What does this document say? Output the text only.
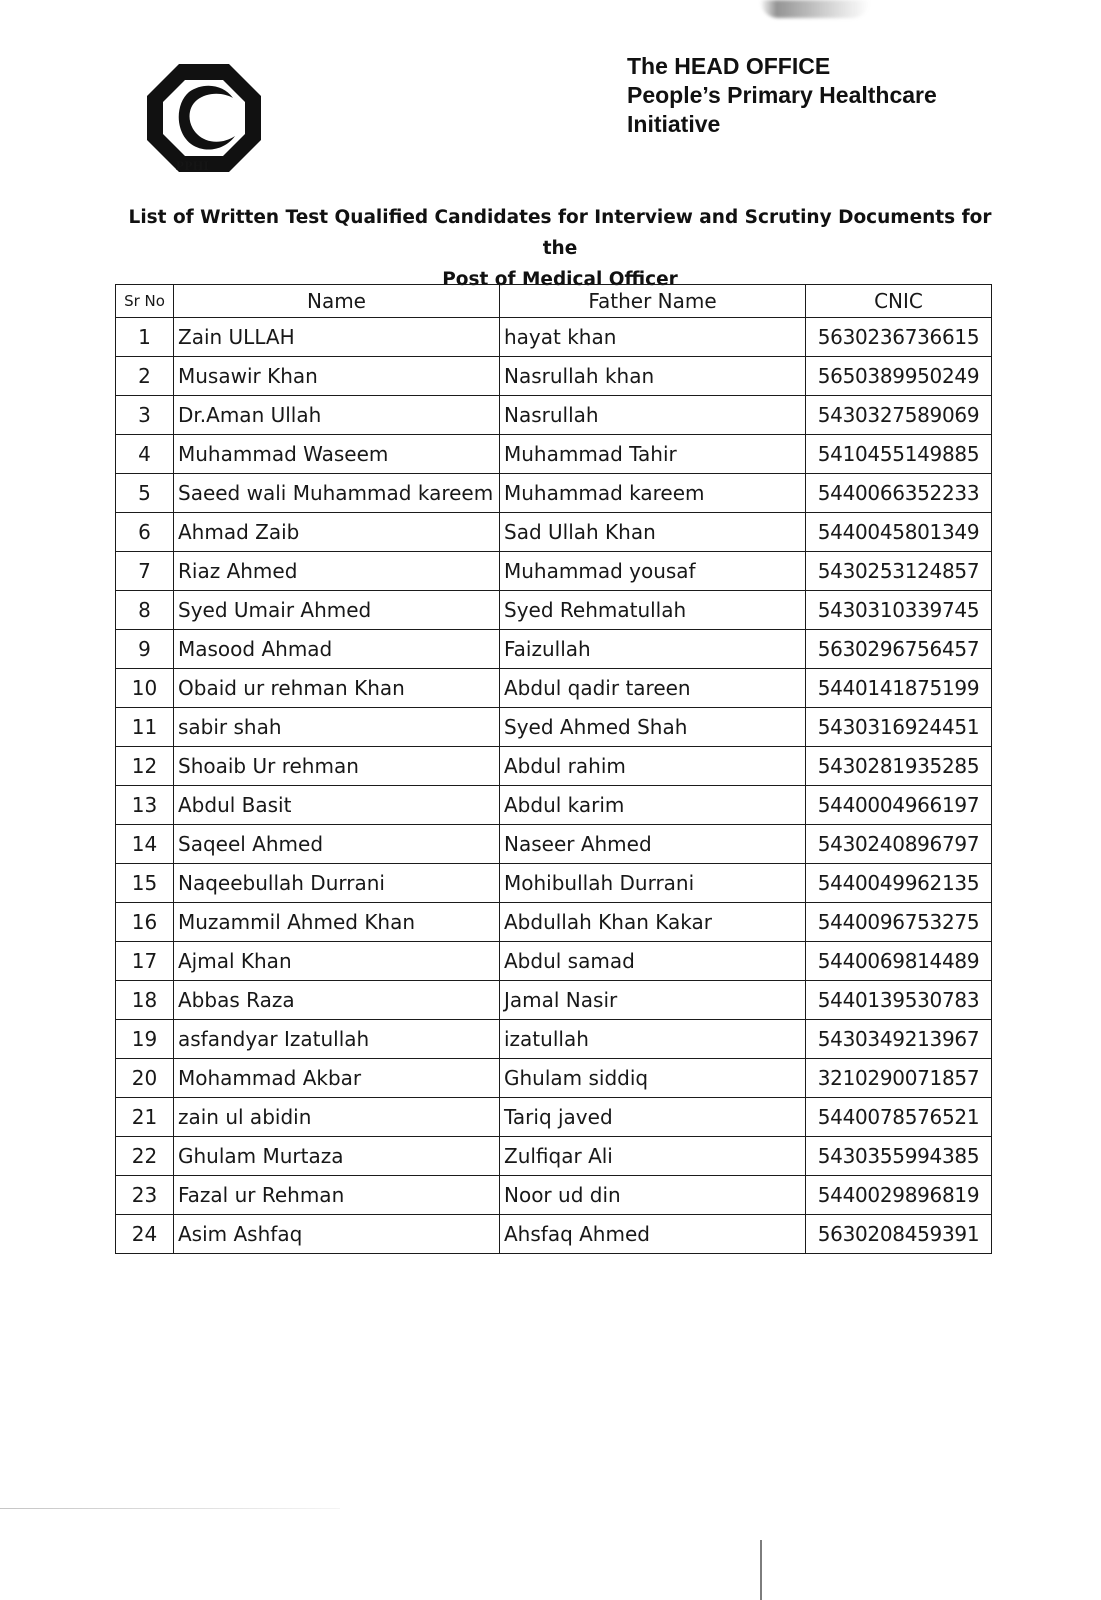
PPHI
The HEAD OFFICE
People’s Primary Healthcare
Initiative
List of Written Test Qualified Candidates for Interview and Scrutiny Documents for the
Post of Medical Officer
Sr No	Name	Father Name	CNIC
1	Zain ULLAH	hayat khan	5630236736615
2	Musawir Khan	Nasrullah khan	5650389950249
3	Dr.Aman Ullah	Nasrullah	5430327589069
4	Muhammad Waseem	Muhammad Tahir	5410455149885
5	Saeed wali Muhammad kareem	Muhammad kareem	5440066352233
6	Ahmad Zaib	Sad Ullah Khan	5440045801349
7	Riaz Ahmed	Muhammad yousaf	5430253124857
8	Syed Umair Ahmed	Syed Rehmatullah	5430310339745
9	Masood Ahmad	Faizullah	5630296756457
10	Obaid ur rehman Khan	Abdul qadir tareen	5440141875199
11	sabir shah	Syed Ahmed Shah	5430316924451
12	Shoaib Ur rehman	Abdul rahim	5430281935285
13	Abdul Basit	Abdul karim	5440004966197
14	Saqeel Ahmed	Naseer Ahmed	5430240896797
15	Naqeebullah Durrani	Mohibullah Durrani	5440049962135
16	Muzammil Ahmed Khan	Abdullah Khan Kakar	5440096753275
17	Ajmal Khan	Abdul samad	5440069814489
18	Abbas Raza	Jamal Nasir	5440139530783
19	asfandyar Izatullah	izatullah	5430349213967
20	Mohammad Akbar	Ghulam siddiq	3210290071857
21	zain ul abidin	Tariq javed	5440078576521
22	Ghulam Murtaza	Zulfiqar Ali	5430355994385
23	Fazal ur Rehman	Noor ud din	5440029896819
24	Asim Ashfaq	Ahsfaq Ahmed	5630208459391
